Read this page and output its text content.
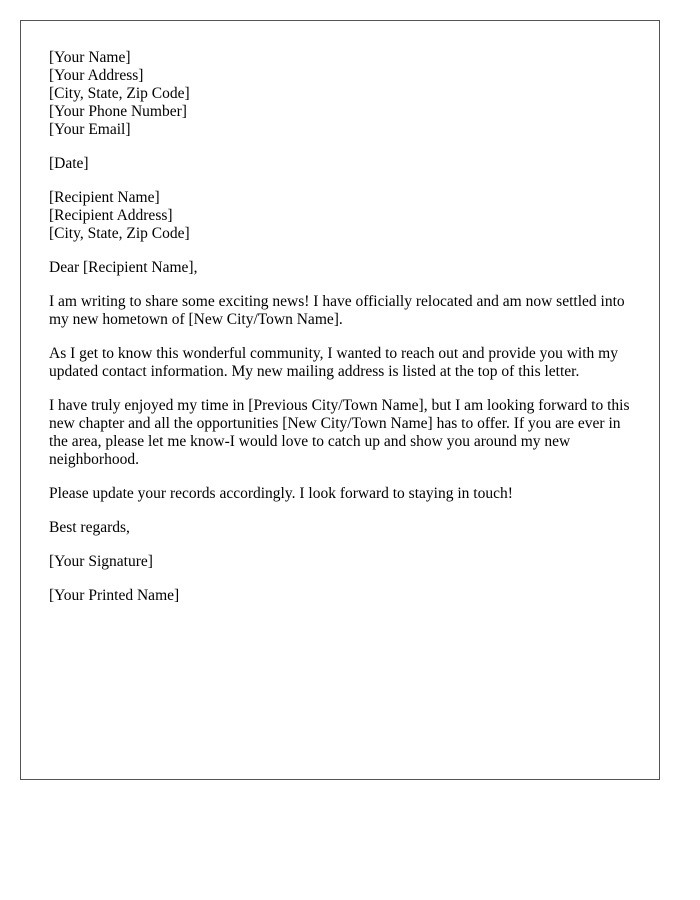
[Your Name]
[Your Address]
[City, State, Zip Code]
[Your Phone Number]
[Your Email]
[Date]
[Recipient Name]
[Recipient Address]
[City, State, Zip Code]

Dear [Recipient Name],

I am writing to share some exciting news! I have officially relocated and am now settled into my new hometown of [New City/Town Name].

As I get to know this wonderful community, I wanted to reach out and provide you with my updated contact information. My new mailing address is listed at the top of this letter.

I have truly enjoyed my time in [Previous City/Town Name], but I am looking forward to this new chapter and all the opportunities [New City/Town Name] has to offer. If you are ever in the area, please let me know-I would love to catch up and show you around my new neighborhood.

Please update your records accordingly. I look forward to staying in touch!

Best regards,

[Your Signature]

[Your Printed Name]
